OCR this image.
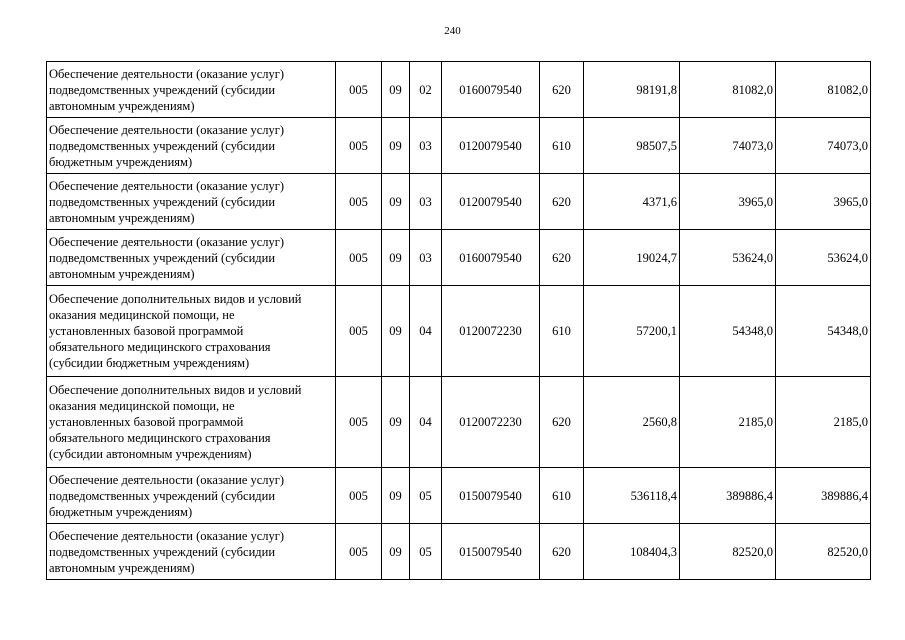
240
Обеспечение деятельности (оказание услуг)
подведомственных учреждений (субсидии
автономным учреждениям)	005	09	02	0160079540	620	98191,8	81082,0	81082,0

Обеспечение деятельности (оказание услуг)
подведомственных учреждений (субсидии
бюджетным учреждениям)	005	09	03	0120079540	610	98507,5	74073,0	74073,0

Обеспечение деятельности (оказание услуг)
подведомственных учреждений (субсидии
автономным учреждениям)	005	09	03	0120079540	620	4371,6	3965,0	3965,0

Обеспечение деятельности (оказание услуг)
подведомственных учреждений (субсидии
автономным учреждениям)	005	09	03	0160079540	620	19024,7	53624,0	53624,0

Обеспечение дополнительных видов и условий
оказания медицинской помощи, не
установленных базовой программой
обязательного медицинского страхования
(субсидии бюджетным учреждениям)	005	09	04	0120072230	610	57200,1	54348,0	54348,0

Обеспечение дополнительных видов и условий
оказания медицинской помощи, не
установленных базовой программой
обязательного медицинского страхования
(субсидии автономным учреждениям)	005	09	04	0120072230	620	2560,8	2185,0	2185,0

Обеспечение деятельности (оказание услуг)
подведомственных учреждений (субсидии
бюджетным учреждениям)	005	09	05	0150079540	610	536118,4	389886,4	389886,4

Обеспечение деятельности (оказание услуг)
подведомственных учреждений (субсидии
автономным учреждениям)	005	09	05	0150079540	620	108404,3	82520,0	82520,0
